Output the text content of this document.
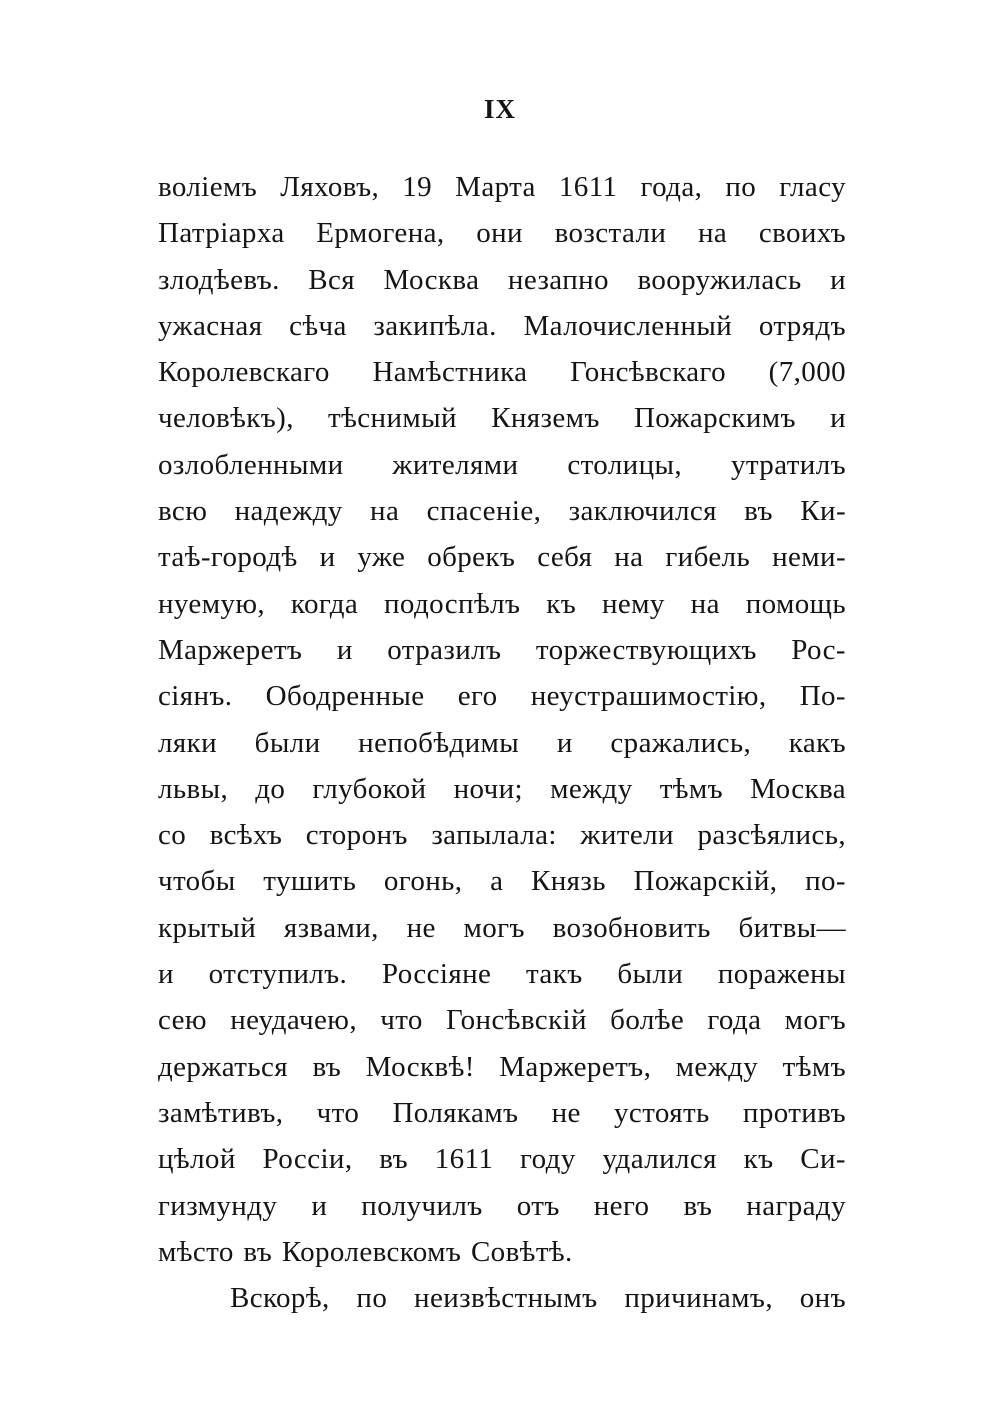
IX
воліемъ Ляховъ, 19 Марта 1611 года, по гласу
Патріарха Ермогена, они возстали на своихъ
злодѣевъ. Вся Москва незапно вооружилась и
ужасная сѣча закипѣла. Малочисленный отрядъ
Королевскаго Намѣстника Гонсѣвскаго (7,000
человѣкъ), тѣснимый Княземъ Пожарскимъ и
озлобленными жителями столицы, утратилъ
всю надежду на спасеніе, заключился въ Ки-
таѣ-городѣ и уже обрекъ себя на гибель неми-
нуемую, когда подоспѣлъ къ нему на помощь
Маржеретъ и отразилъ торжествующихъ Рос-
сіянъ. Ободренные его неустрашимостію, По-
ляки были непобѣдимы и сражались, какъ
львы, до глубокой ночи; между тѣмъ Москва
со всѣхъ сторонъ запылала: жители разсѣялись,
чтобы тушить огонь, а Князь Пожарскій, по-
крытый язвами, не могъ возобновить битвы—
и отступилъ. Россіяне такъ были поражены
сею неудачею, что Гонсѣвскій болѣе года могъ
держаться въ Москвѣ! Маржеретъ, между тѣмъ
замѣтивъ, что Полякамъ не устоять противъ
цѣлой Россіи, въ 1611 году удалился къ Си-
гизмунду и получилъ отъ него въ награду
мѣсто въ Королевскомъ Совѣтѣ.
Вскорѣ, по неизвѣстнымъ причинамъ, онъ
